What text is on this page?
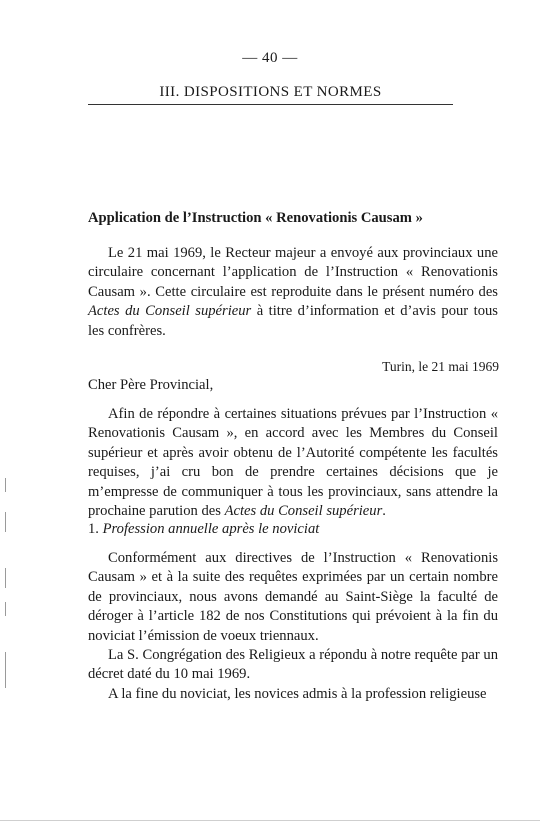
— 40 —
III. DISPOSITIONS ET NORMES
Application de l’Instruction « Renovationis Causam »
Le 21 mai 1969, le Recteur majeur a envoyé aux provinciaux une circulaire concernant l’application de l’Instruction « Renovationis Causam ». Cette circulaire est reproduite dans le présent numéro des Actes du Conseil supérieur à titre d’information et d’avis pour tous les confrères.
Turin, le 21 mai 1969
Cher Père Provincial,
Afin de répondre à certaines situations prévues par l’Instruction « Renovationis Causam », en accord avec les Membres du Conseil supérieur et après avoir obtenu de l’Autorité compétente les facultés requises, j’ai cru bon de prendre certaines décisions que je m’empresse de communiquer à tous les provinciaux, sans attendre la prochaine parution des Actes du Conseil supérieur.
1. Profession annuelle après le noviciat
Conformément aux directives de l’Instruction « Renovationis Causam » et à la suite des requêtes exprimées par un certain nombre de provinciaux, nous avons demandé au Saint-Siège la faculté de déroger à l’article 182 de nos Constitutions qui prévoient à la fin du noviciat l’émission de voeux triennaux.
La S. Congrégation des Religieux a répondu à notre requête par un décret daté du 10 mai 1969.
A la fine du noviciat, les novices admis à la profession religieuse
